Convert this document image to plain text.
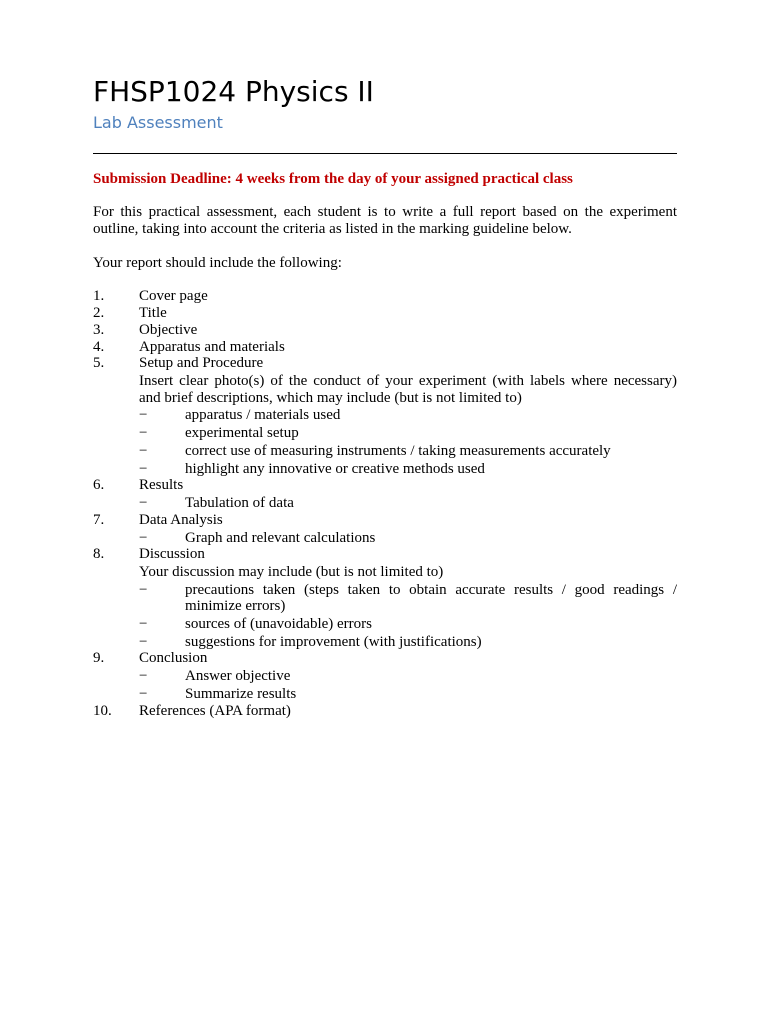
FHSP1024 Physics II
Lab Assessment
Submission Deadline: 4 weeks from the day of your assigned practical class
For this practical assessment, each student is to write a full report based on the experiment
outline, taking into account the criteria as listed in the marking guideline below.
Your report should include the following:
1. Cover page
2. Title
3. Objective
4. Apparatus and materials
5. Setup and Procedure
Insert clear photo(s) of the conduct of your experiment (with labels where necessary)
and brief descriptions, which may include (but is not limited to)
−	apparatus / materials used
−	experimental setup
−	correct use of measuring instruments / taking measurements accurately
−	highlight any innovative or creative methods used
6. Results
−	Tabulation of data
7. Data Analysis
−	Graph and relevant calculations
8. Discussion
Your discussion may include (but is not limited to)
−	precautions taken (steps taken to obtain accurate results / good readings /
minimize errors)
−	sources of (unavoidable) errors
−	suggestions for improvement (with justifications)
9. Conclusion
−	Answer objective
−	Summarize results
10. References (APA format)
